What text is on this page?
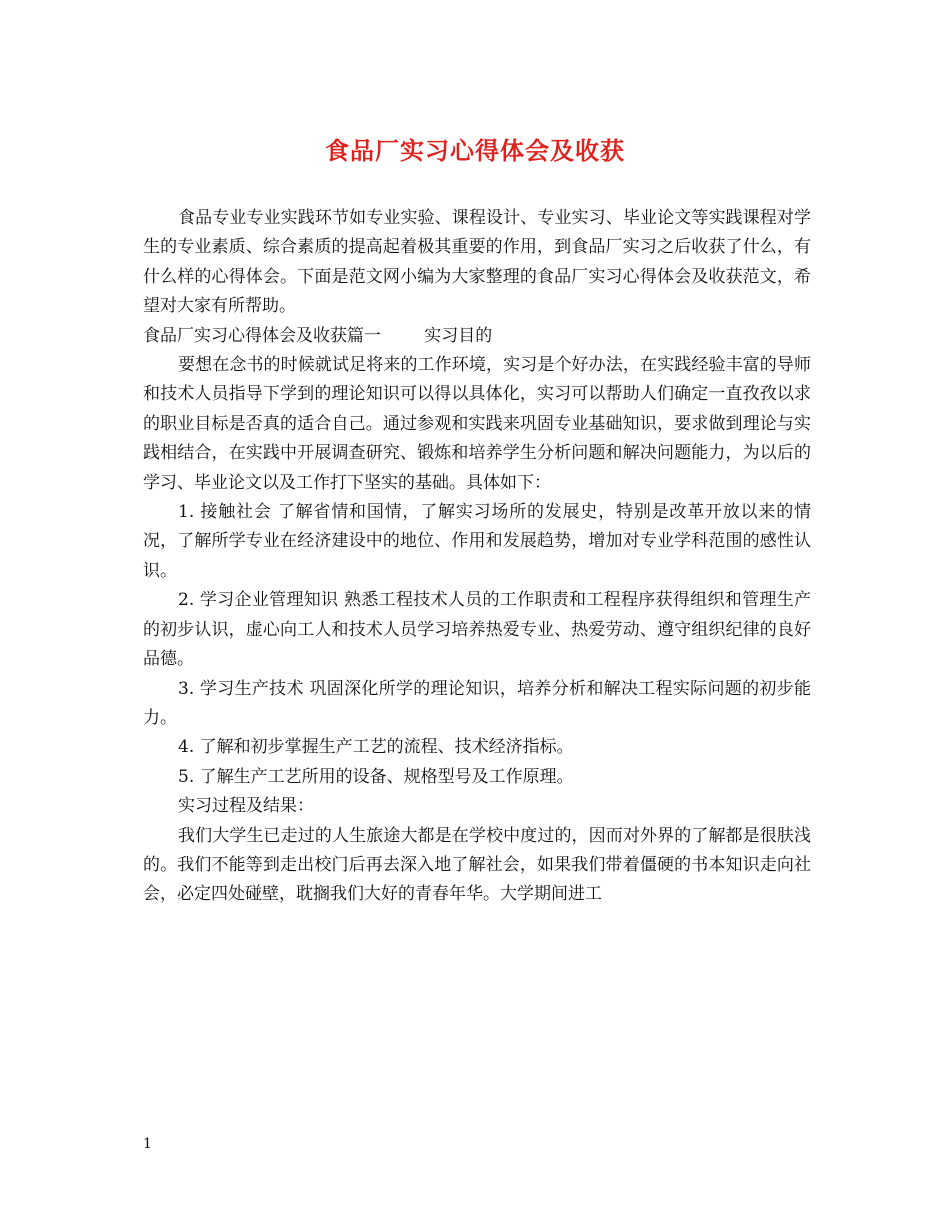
食品厂实习心得体会及收获

食品专业专业实践环节如专业实验、课程设计、专业实习、毕业论文等实践课程对学生的专业素质、综合素质的提高起着极其重要的作用，到食品厂实习之后收获了什么，有什么样的心得体会。下面是范文网小编为大家整理的食品厂实习心得体会及收获范文，希望对大家有所帮助。

食品厂实习心得体会及收获篇一        实习目的

要想在念书的时候就试足将来的工作环境，实习是个好办法，在实践经验丰富的导师和技术人员指导下学到的理论知识可以得以具体化，实习可以帮助人们确定一直孜孜以求的职业目标是否真的适合自己。通过参观和实践来巩固专业基础知识，要求做到理论与实践相结合，在实践中开展调查研究、锻炼和培养学生分析问题和解决问题能力，为以后的学习、毕业论文以及工作打下坚实的基础。具体如下：

1. 接触社会 了解省情和国情，了解实习场所的发展史，特别是改革开放以来的情况，了解所学专业在经济建设中的地位、作用和发展趋势，增加对专业学科范围的感性认识。

2. 学习企业管理知识 熟悉工程技术人员的工作职责和工程程序获得组织和管理生产的初步认识，虚心向工人和技术人员学习培养热爱专业、热爱劳动、遵守组织纪律的良好品德。

3. 学习生产技术 巩固深化所学的理论知识，培养分析和解决工程实际问题的初步能力。

4. 了解和初步掌握生产工艺的流程、技术经济指标。

5. 了解生产工艺所用的设备、规格型号及工作原理。

实习过程及结果：

我们大学生已走过的人生旅途大都是在学校中度过的，因而对外界的了解都是很肤浅的。我们不能等到走出校门后再去深入地了解社会，如果我们带着僵硬的书本知识走向社会，必定四处碰壁，耽搁我们大好的青春年华。大学期间进工

1
